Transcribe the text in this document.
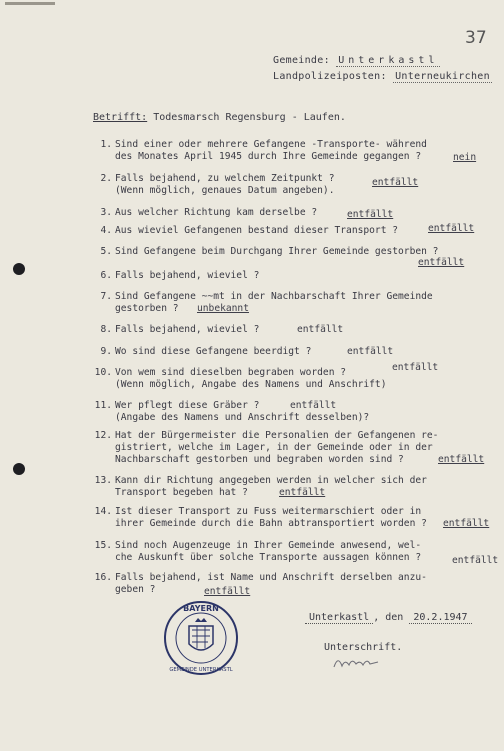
37
Gemeinde: Unterkastl
Landpolizeiposten: Unterneukirchen
Betrifft: Todesmarsch Regensburg - Laufen.
1. Sind einer oder mehrere Gefangene -Transporte- während
des Monates April 1945 durch Ihre Gemeinde gegangen ?	nein
2. Falls bejahend, zu welchem Zeitpunkt ?
(Wenn möglich, genaues Datum angeben).
entfällt
3. Aus welcher Richtung kam derselbe ?	entfällt
4. Aus wieviel Gefangenen bestand dieser Transport ?	entfällt
5. Sind Gefangene beim Durchgang Ihrer Gemeinde gestorben ?
entfällt
6. Falls bejahend, wieviel ?
7. Sind Gefangene ~~mt in der Nachbarschaft Ihrer Gemeinde
gestorben ?	unbekannt
8. Falls bejahend, wieviel ?	entfällt
9. Wo sind diese Gefangene beerdigt ?	entfällt
10. Von wem sind dieselben begraben worden ?
(Wenn möglich, Angabe des Namens und Anschrift)
entfällt
11. Wer pflegt diese Gräber ?
(Angabe des Namens und Anschrift desselben)?
entfällt
12. Hat der Bürgermeister die Personalien der Gefangenen re-
gistriert, welche im Lager, in der Gemeinde oder in der
Nachbarschaft gestorben und begraben worden sind ?	entfällt
13. Kann dir Richtung angegeben werden in welcher sich der
Transport begeben hat ?	entfällt
14. Ist dieser Transport zu Fuss weitermarschiert oder in
ihrer Gemeinde durch die Bahn abtransportiert worden ?	entfällt
15. Sind noch Augenzeuge in Ihrer Gemeinde anwesend, wel-
che Auskunft über solche Transporte aussagen können ?	entfällt
16. Falls bejahend, ist Name und Anschrift derselben anzu-
geben ?	entfällt
BAYERN
GEMEINDE UNTERKASTL
Unterkastl , den 20.2.1947
Unterschrift.
